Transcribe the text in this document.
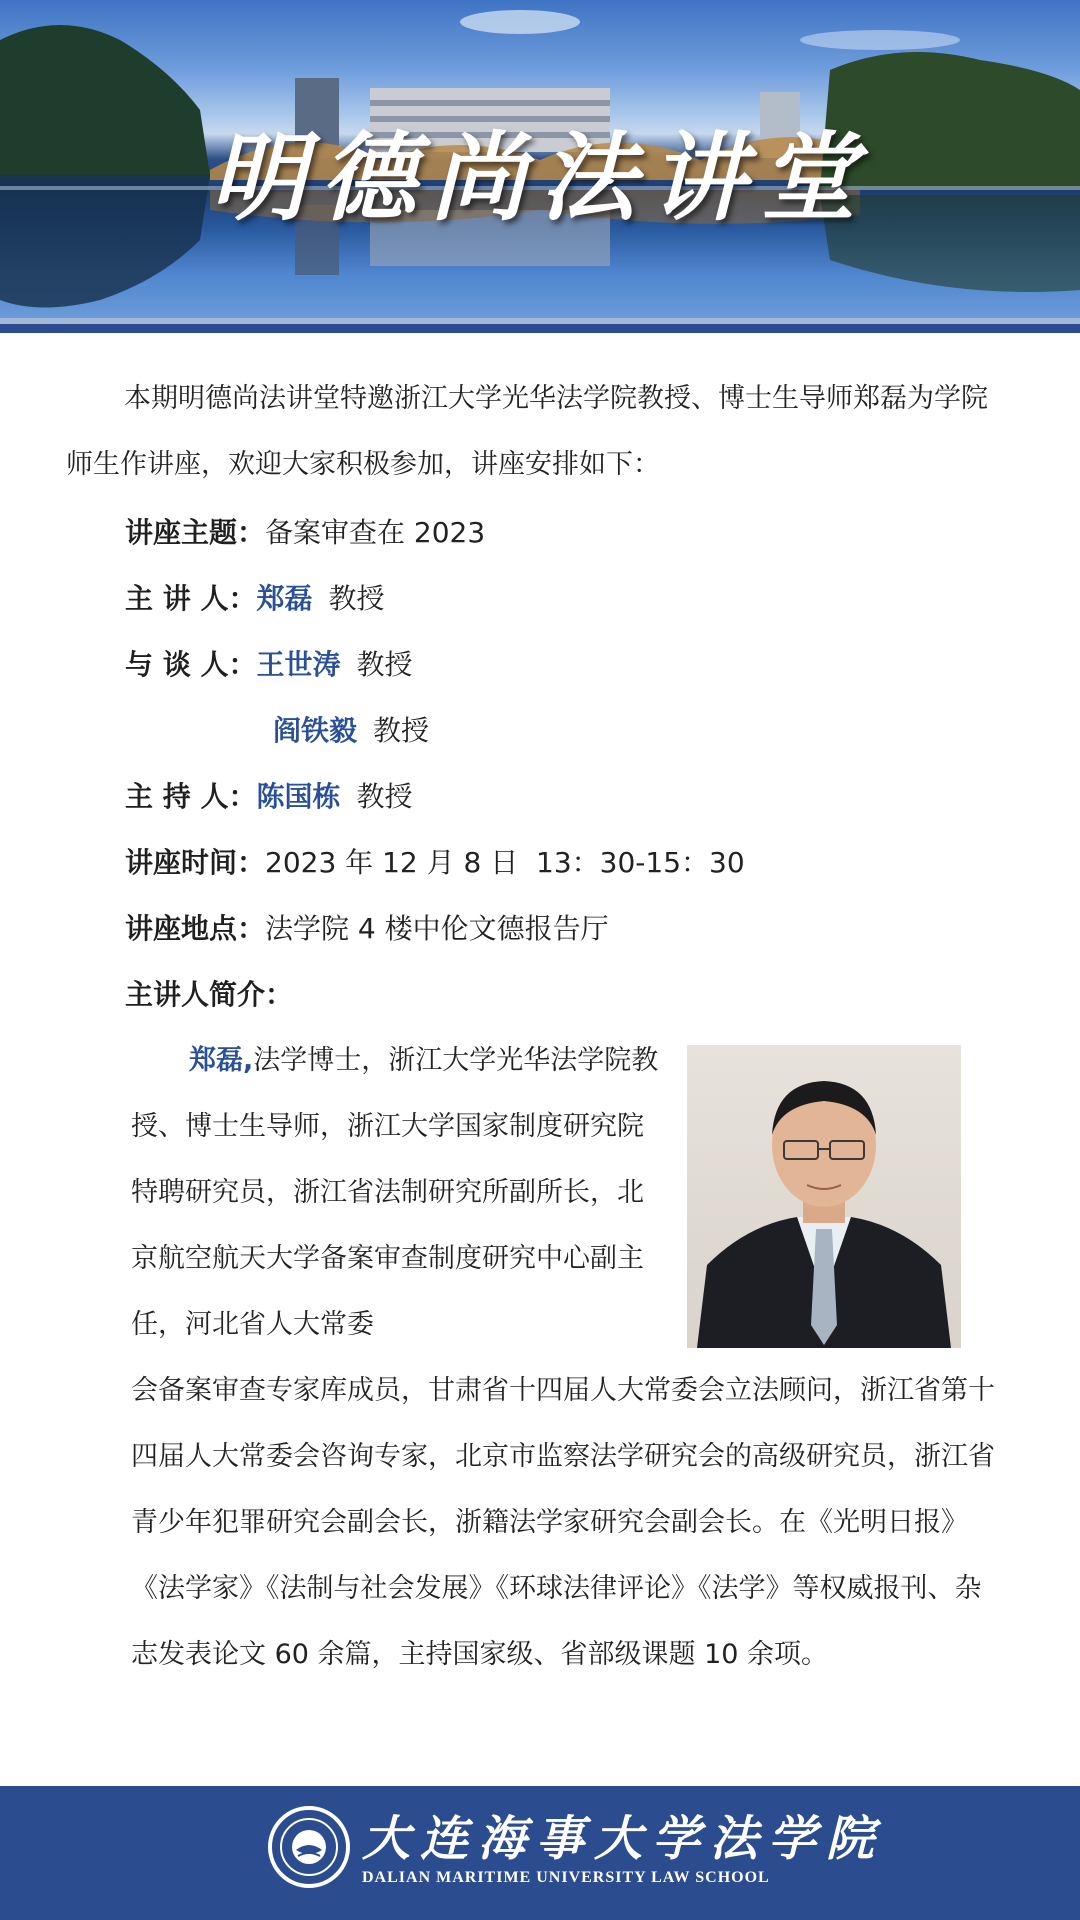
明德尚法讲堂
本期明德尚法讲堂特邀浙江大学光华法学院教授、博士生导师郑磊为学院师生作讲座，欢迎大家积极参加，讲座安排如下：
讲座主题：备案审查在 2023
主 讲 人：郑磊 教授
与 谈 人：王世涛 教授
阎铁毅 教授
主 持 人：陈国栋 教授
讲座时间：2023 年 12 月 8 日  13：30-15：30
讲座地点：法学院 4 楼中伦文德报告厅
主讲人简介：
郑磊,法学博士，浙江大学光华法学院教授、博士生导师，浙江大学国家制度研究院特聘研究员，浙江省法制研究所副所长，北京航空航天大学备案审查制度研究中心副主任，河北省人大常委
会备案审查专家库成员，甘肃省十四届人大常委会立法顾问，浙江省第十四届人大常委会咨询专家，北京市监察法学研究会的高级研究员，浙江省青少年犯罪研究会副会长，浙籍法学家研究会副会长。在《光明日报》《法学家》《法制与社会发展》《环球法律评论》《法学》等权威报刊、杂志发表论文 60 余篇，主持国家级、省部级课题 10 余项。
大连海事大学法学院
DALIAN MARITIME UNIVERSITY LAW SCHOOL
